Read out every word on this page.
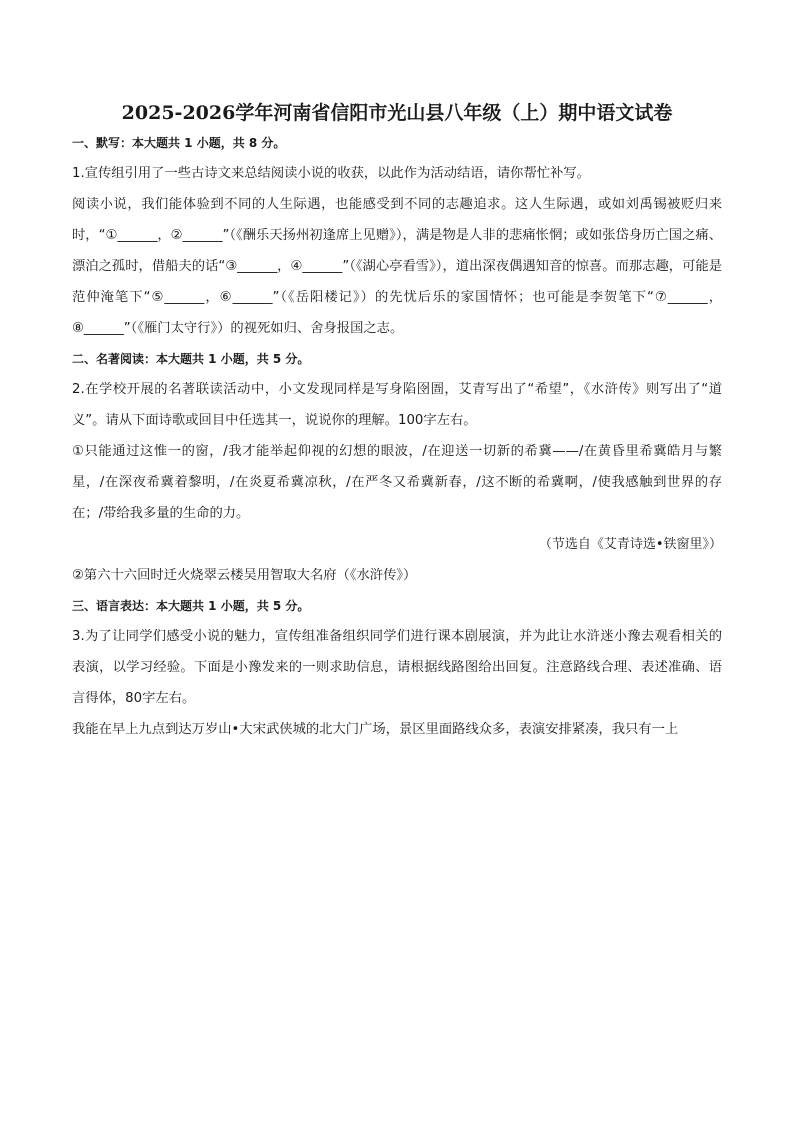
2025-2026学年河南省信阳市光山县八年级（上）期中语文试卷
一、默写：本大题共 1 小题，共 8 分。

1.宣传组引用了一些古诗文来总结阅读小说的收获，以此作为活动结语，请你帮忙补写。

阅读小说，我们能体验到不同的人生际遇，也能感受到不同的志趣追求。这人生际遇，或如刘禹锡被贬归来时，“①______，②______”（《酬乐天扬州初逢席上见赠》），满是物是人非的悲痛怅惘；或如张岱身历亡国之痛、漂泊之孤时，借船夫的话“③______，④______”（《湖心亭看雪》），道出深夜偶遇知音的惊喜。而那志趣，可能是范仲淹笔下“⑤______，⑥______”（《岳阳楼记》）的先忧后乐的家国情怀；也可能是李贺笔下“⑦______，⑧______”（《雁门太守行》）的视死如归、舍身报国之志。

二、名著阅读：本大题共 1 小题，共 5 分。

2.在学校开展的名著联读活动中，小文发现同样是写身陷囹圄，艾青写出了“希望”，《水浒传》则写出了“道义”。请从下面诗歌或回目中任选其一，说说你的理解。100字左右。

①只能通过这惟一的窗，/我才能举起仰视的幻想的眼波，/在迎送一切新的希冀——/在黄昏里希冀皓月与繁星，/在深夜希冀着黎明，/在炎夏希冀凉秋，/在严冬又希冀新春，/这不断的希冀啊，/使我感触到世界的存在；/带给我多量的生命的力。

（节选自《艾青诗选•铁窗里》）

②第六十六回时迁火烧翠云楼吴用智取大名府（《水浒传》）

三、语言表达：本大题共 1 小题，共 5 分。

3.为了让同学们感受小说的魅力，宣传组准备组织同学们进行课本剧展演，并为此让水浒迷小豫去观看相关的表演，以学习经验。下面是小豫发来的一则求助信息，请根据线路图给出回复。注意路线合理、表述准确、语言得体，80字左右。

我能在早上九点到达万岁山•大宋武侠城的北大门广场，景区里面路线众多，表演安排紧凑，我只有一上
